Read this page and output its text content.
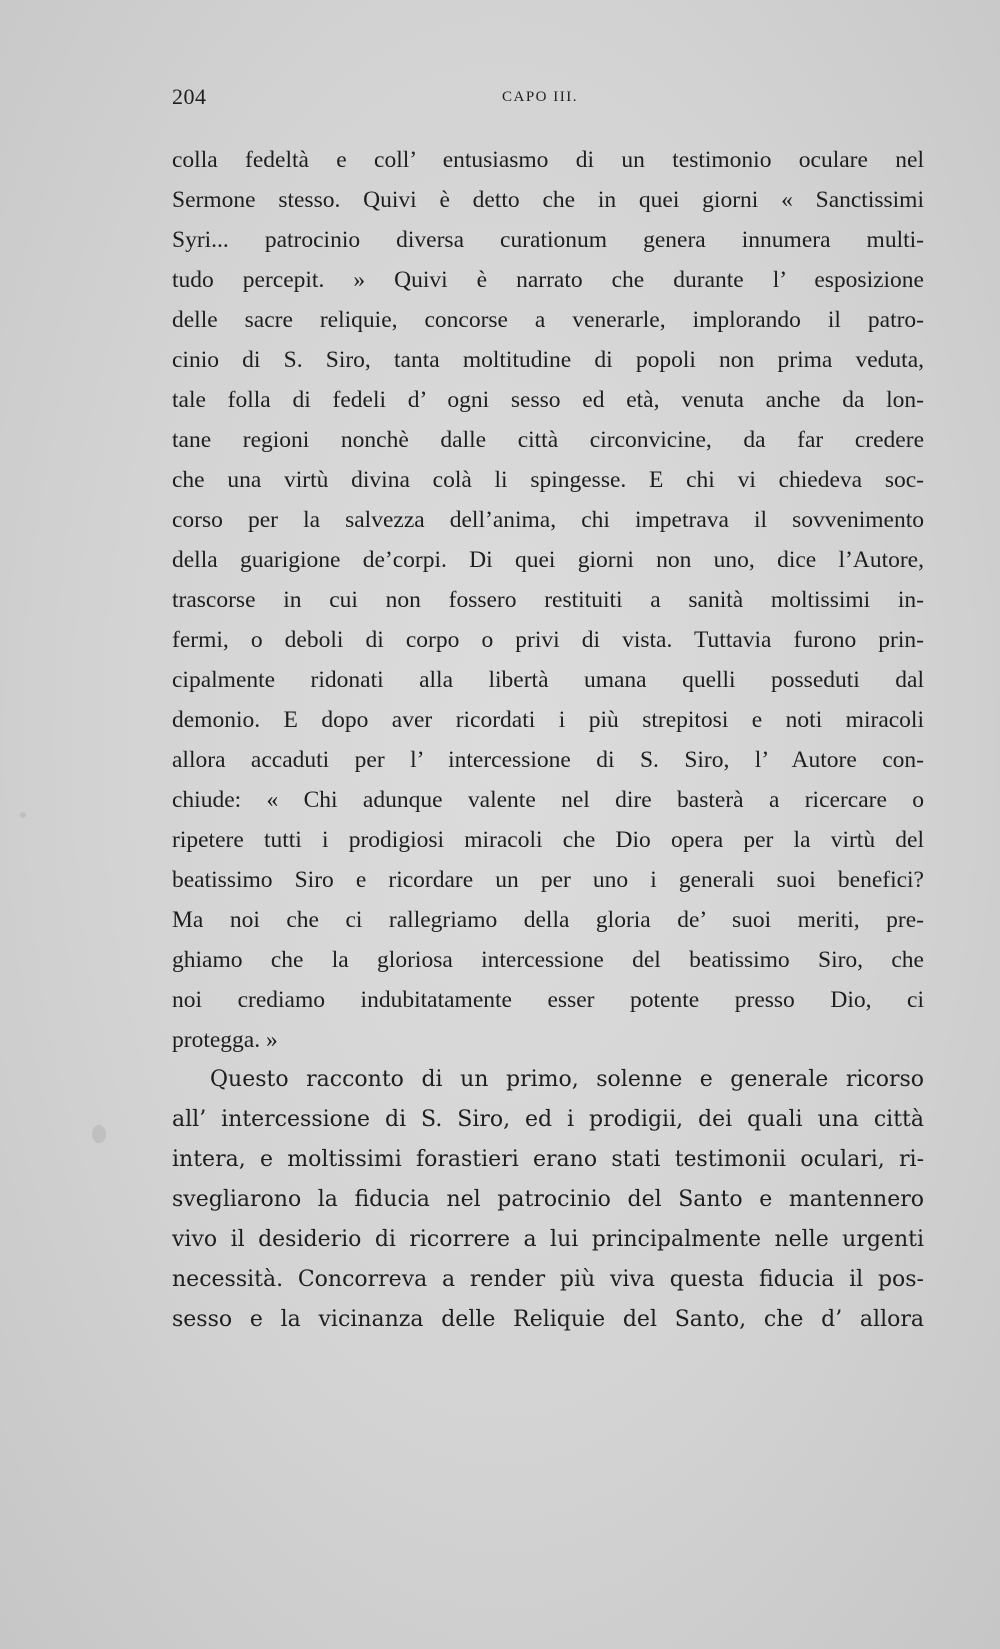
204	CAPO III.
colla fedeltà e coll’ entusiasmo di un testimonio oculare nel
Sermone stesso. Quivi è detto che in quei giorni « Sanctissimi
Syri... patrocinio diversa curationum genera innumera multi-
tudo percepit. » Quivi è narrato che durante l’ esposizione
delle sacre reliquie, concorse a venerarle, implorando il patro-
cinio di S. Siro, tanta moltitudine di popoli non prima veduta,
tale folla di fedeli d’ ogni sesso ed età, venuta anche da lon-
tane regioni nonchè dalle città circonvicine, da far credere
che una virtù divina colà li spingesse. E chi vi chiedeva soc-
corso per la salvezza dell’anima, chi impetrava il sovvenimento
della guarigione de’corpi. Di quei giorni non uno, dice l’Autore,
trascorse in cui non fossero restituiti a sanità moltissimi in-
fermi, o deboli di corpo o privi di vista. Tuttavia furono prin-
cipalmente ridonati alla libertà umana quelli posseduti dal
demonio. E dopo aver ricordati i più strepitosi e noti miracoli
allora accaduti per l’ intercessione di S. Siro, l’ Autore con-
chiude: « Chi adunque valente nel dire basterà a ricercare o
ripetere tutti i prodigiosi miracoli che Dio opera per la virtù del
beatissimo Siro e ricordare un per uno i generali suoi benefici?
Ma noi che ci rallegriamo della gloria de’ suoi meriti, pre-
ghiamo che la gloriosa intercessione del beatissimo Siro, che
noi crediamo indubitatamente esser potente presso Dio, ci
protegga. »
Questo racconto di un primo, solenne e generale ricorso
all’ intercessione di S. Siro, ed i prodigii, dei quali una città
intera, e moltissimi forastieri erano stati testimonii oculari, ri-
svegliarono la fiducia nel patrocinio del Santo e mantennero
vivo il desiderio di ricorrere a lui principalmente nelle urgenti
necessità. Concorreva a render più viva questa fiducia il pos-
sesso e la vicinanza delle Reliquie del Santo, che d’ allora
